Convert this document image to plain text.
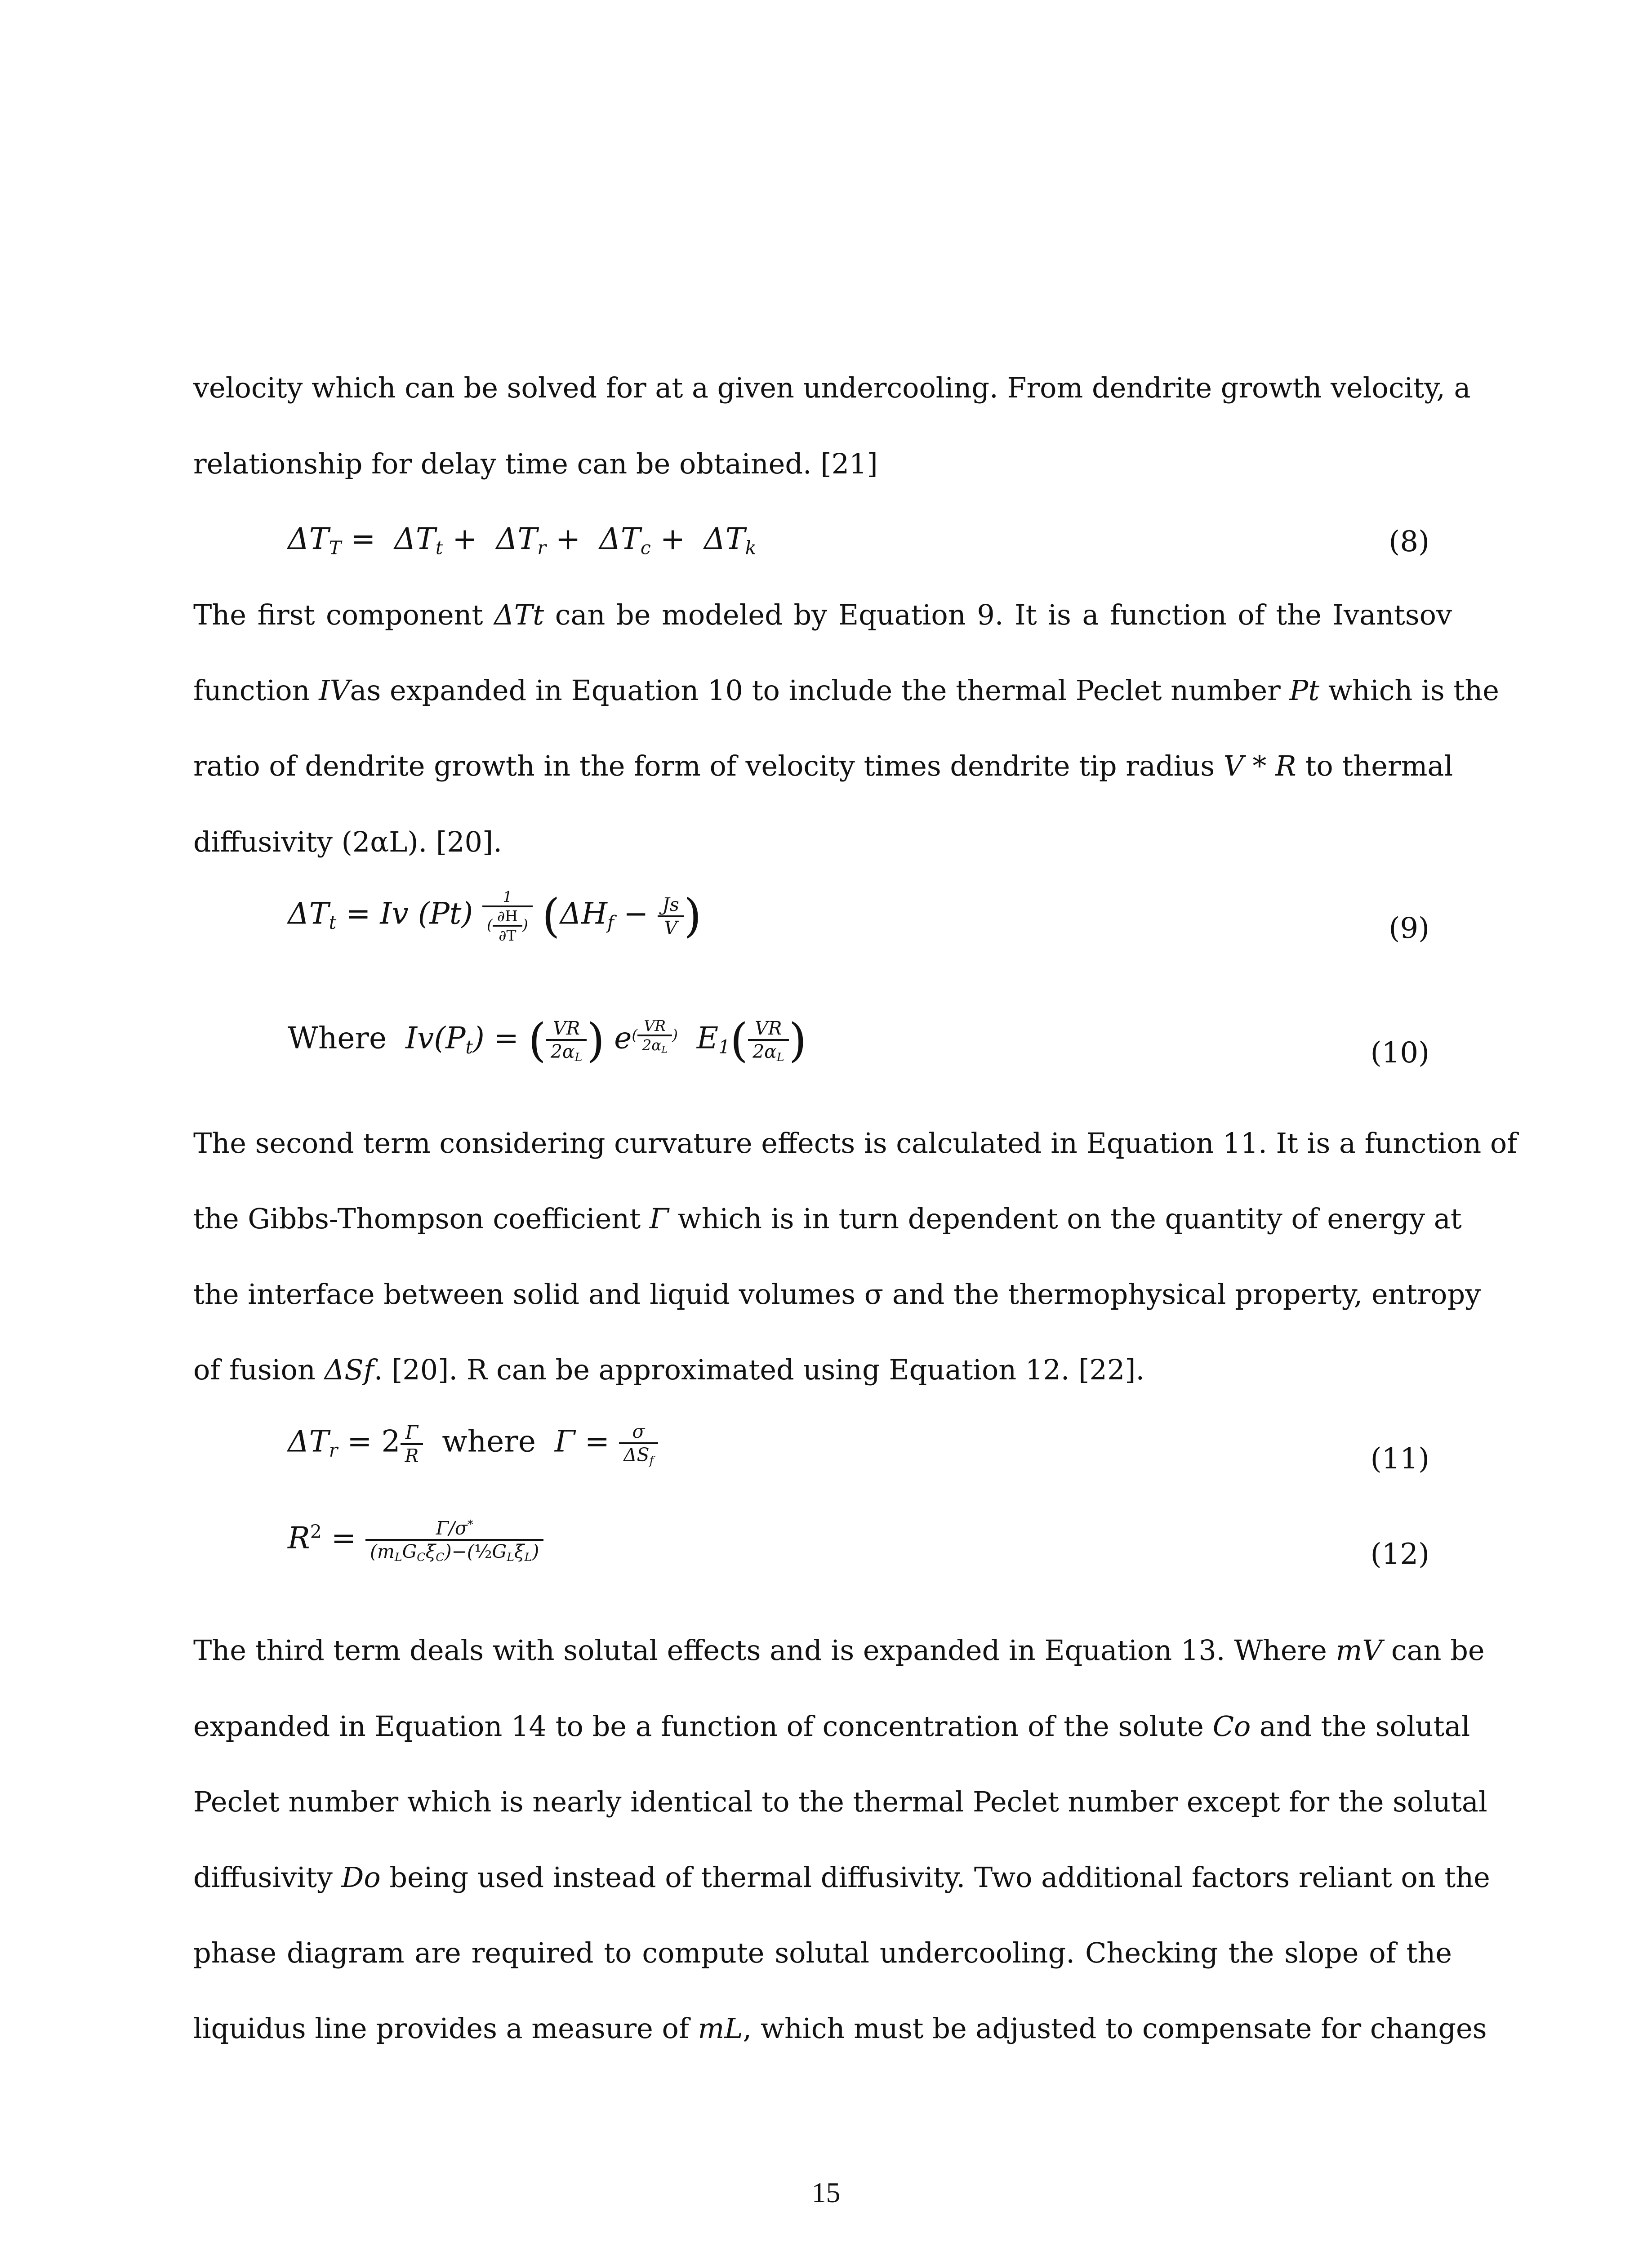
velocity which can be solved for at a given undercooling. From dendrite growth velocity, a
relationship for delay time can be obtained. [21]
$\Delta T_T = \Delta T_t + \Delta T_r + \Delta T_c + \Delta T_k$	(8)
The first component ΔTt can be modeled by Equation 9. It is a function of the Ivantsov
function IVas expanded in Equation 10 to include the thermal Peclet number Pt which is the
ratio of dendrite growth in the form of velocity times dendrite tip radius V * R to thermal
diffusivity (2αL). [20].
$\Delta T_t = Iv$ $(Pt) \frac{1}{( \frac{\partial H}{\partial T} )} (\Delta H_f - \frac{Js}{V}$ )	(9)
Where  $Iv(P_t)$ = ( $\frac{VR}{2\alpha_L}$ ) $e^{( \frac{VR}{2\alpha_L} )}$  $E_1( \frac{VR}{2\alpha_L}$ )	(10)
The second term considering curvature effects is calculated in Equation 11. It is a function of
the Gibbs-Thompson coefficient Γ which is in turn dependent on the quantity of energy at
the interface between solid and liquid volumes σ and the thermophysical property, entropy
of fusion ΔSf. [20]. R can be approximated using Equation 12. [22].
$\Delta T_r = 2 \frac{\Gamma}{R}$ where  $\Gamma = \frac{\sigma}{\Delta S_f}$	(11)
$R^2 = \frac{\Gamma/\sigma^*}{(m_LG_C\xi_C)-(\frac{1}{2}G_L\xi_L)}$	(12)
The third term deals with solutal effects and is expanded in Equation 13. Where mV can be
expanded in Equation 14 to be a function of concentration of the solute Co and the solutal
Peclet number which is nearly identical to the thermal Peclet number except for the solutal
diffusivity Do being used instead of thermal diffusivity. Two additional factors reliant on the
phase diagram are required to compute solutal undercooling. Checking the slope of the
liquidus line provides a measure of mL, which must be adjusted to compensate for changes
15
